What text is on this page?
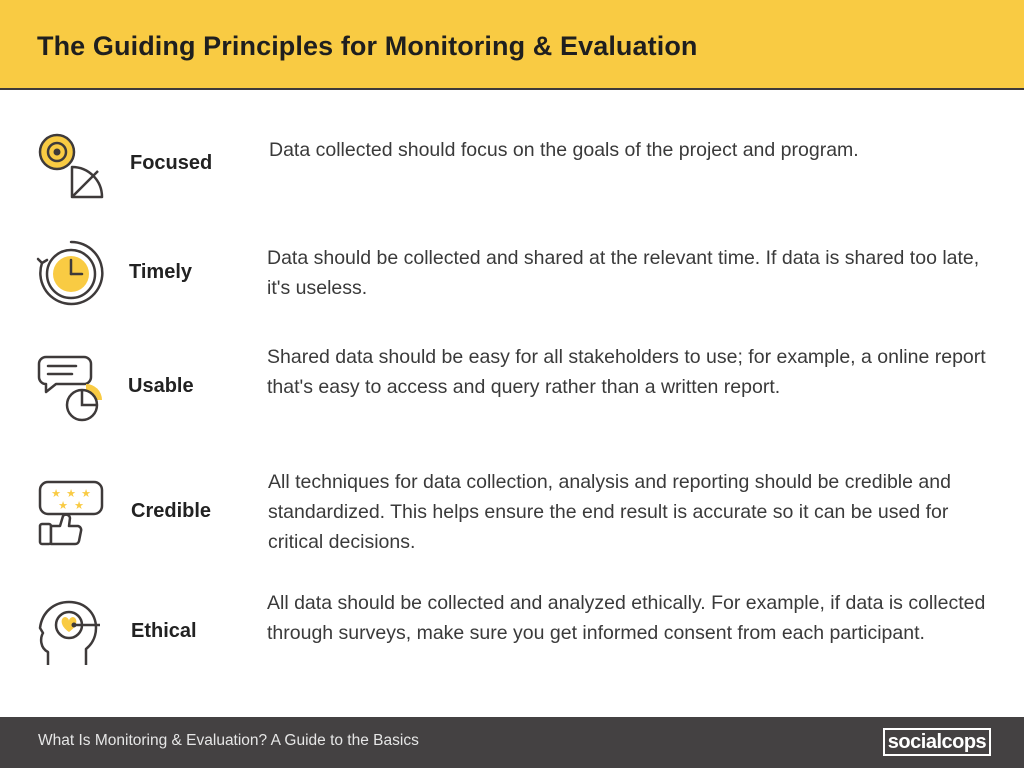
The Guiding Principles for Monitoring & Evaluation
Focused
Data collected should focus on the goals of the project and program.
Timely
Data should be collected and shared at the relevant time. If data is shared too late, it's useless.
Usable
Shared data should be easy for all stakeholders to use; for example, a online report that's easy to access and query rather than a written report.
★ ★ ★
★ ★ Credible
All techniques for data collection, analysis and reporting should be credible and standardized. This helps ensure the end result is accurate so it can be used for critical decisions.
Ethical
All data should be collected and analyzed ethically. For example, if data is collected through surveys, make sure you get informed consent from each participant.
What Is Monitoring & Evaluation? A Guide to the Basics	socialcops
